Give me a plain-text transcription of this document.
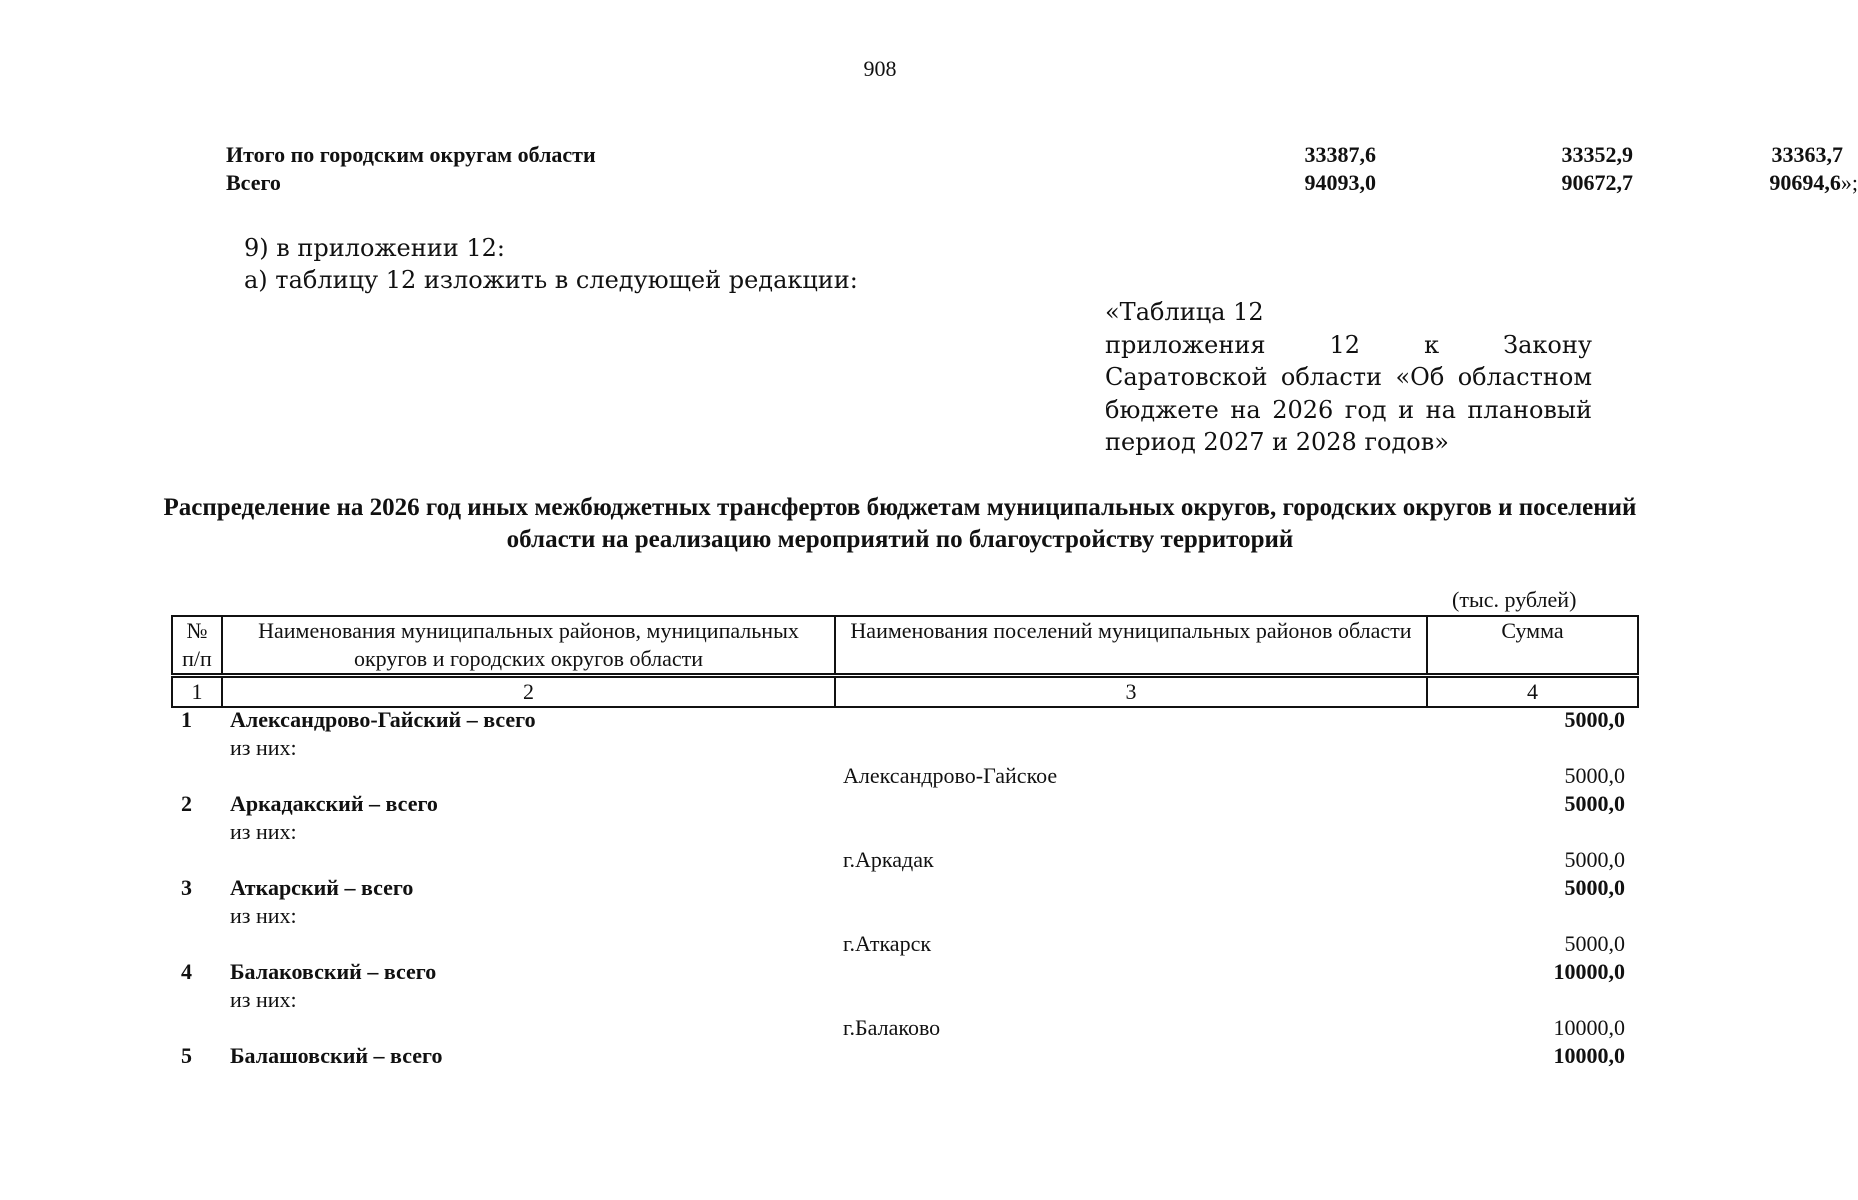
908
Итого по городским округам области	33387,6	33352,9	33363,7
Всего	94093,0	90672,7	90694,6»;
9) в приложении 12:
а) таблицу 12 изложить в следующей редакции:

«Таблица 12

приложения 12 к Закону Саратовской области «Об областном бюджете на 2026 год и на плановый период 2027 и 2028 годов»

Распределение на 2026 год иных межбюджетных трансфертов бюджетам муниципальных округов, городских округов и поселений области на реализацию мероприятий по благоустройству территорий
(тыс. рублей)
№ п/п	Наименования муниципальных районов, муниципальных округов и городских округов области	Наименования поселений муниципальных районов области	Сумма
1	2	3	4
1 Александрово-Гайский – всего	5000,0
из них:
Александрово-Гайское	5000,0
2 Аркадакский – всего	5000,0
из них:
г.Аркадак	5000,0
3 Аткарский – всего	5000,0
из них:
г.Аткарск	5000,0
4 Балаковский – всего	10000,0
из них:
г.Балаково	10000,0
5 Балашовский – всего	10000,0
